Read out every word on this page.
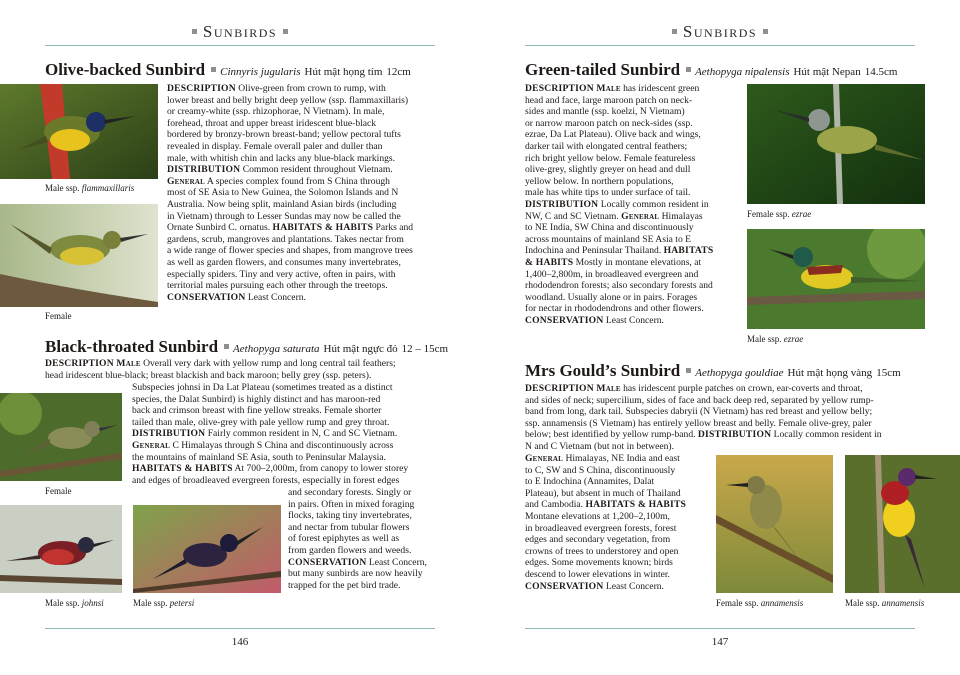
Sunbirds
Olive-backed Sunbird Cinnyris jugularis Hút mật họng tím 12cm
Male ssp. flammaxillaris
Female
DESCRIPTION Olive-green from crown to rump, with
lower breast and belly bright deep yellow (ssp. flammaxillaris)
or creamy-white (ssp. rhizophorae, N Vietnam). In male,
forehead, throat and upper breast iridescent blue-black
bordered by bronzy-brown breast-band; yellow pectoral tufts
revealed in display. Female overall paler and duller than
male, with whitish chin and lacks any blue-black markings.
DISTRIBUTION Common resident throughout Vietnam.
General A species complex found from S China through
most of SE Asia to New Guinea, the Solomon Islands and N
Australia. Now being split, mainland Asian birds (including
in Vietnam) through to Lesser Sundas may now be called the
Ornate Sunbird C. ornatus. HABITATS & HABITS Parks and
gardens, scrub, mangroves and plantations. Takes nectar from
a wide range of flower species and shapes, from mangrove trees
as well as garden flowers, and consumes many invertebrates,
especially spiders. Tiny and very active, often in pairs, with
territorial males pursuing each other through the treetops.
CONSERVATION Least Concern.
Black-throated Sunbird Aethopyga saturata Hút mật ngực đỏ 12 – 15cm
DESCRIPTION Male Overall very dark with yellow rump and long central tail feathers;
head iridescent blue-black; breast blackish and back maroon; belly grey (ssp. peters).
Female
Subspecies johnsi in Da Lat Plateau (sometimes treated as a distinct
species, the Dalat Sunbird) is highly distinct and has maroon-red
back and crimson breast with fine yellow streaks. Female shorter
tailed than male, olive-grey with pale yellow rump and grey throat.
DISTRIBUTION Fairly common resident in N, C and SC Vietnam.
General C Himalayas through S China and discontinuously across
the mountains of mainland SE Asia, south to Peninsular Malaysia.
HABITATS & HABITS At 700–2,000m, from canopy to lower storey
and edges of broadleaved evergreen forests, especially in forest edges
Male ssp. johnsi	Male ssp. petersi
and secondary forests. Singly or
in pairs. Often in mixed foraging
flocks, taking tiny invertebrates,
and nectar from tubular flowers
of forest epiphytes as well as
from garden flowers and weeds.
CONSERVATION Least Concern,
but many sunbirds are now heavily
trapped for the pet bird trade.
146
Sunbirds
Green-tailed Sunbird Aethopyga nipalensis Hút mật Nepan 14.5cm
DESCRIPTION Male has iridescent green
head and face, large maroon patch on neck-
sides and mantle (ssp. koelzi, N Vietnam)
or narrow maroon patch on neck-sides (ssp.
ezrae, Da Lat Plateau). Olive back and wings,
darker tail with elongated central feathers;
rich bright yellow below. Female featureless
olive-grey, slightly greyer on head and dull
yellow below. In northern populations,
male has white tips to under surface of tail.
DISTRIBUTION Locally common resident in
NW, C and SC Vietnam. General Himalayas
to NE India, SW China and discontinuously
across mountains of mainland SE Asia to E
Indochina and Peninsular Thailand. HABITATS
& HABITS Mostly in montane elevations, at
1,400–2,800m, in broadleaved evergreen and
rhododendron forests; also secondary forests and
woodland. Usually alone or in pairs. Forages
for nectar in rhododendrons and other flowers.
CONSERVATION Least Concern.
Female ssp. ezrae
Male ssp. ezrae
Mrs Gould’s Sunbird Aethopyga gouldiae Hút mật họng vàng 15cm
DESCRIPTION Male has iridescent purple patches on crown, ear-coverts and throat,
and sides of neck; supercilium, sides of face and back deep red, separated by yellow rump-
band from long, dark tail. Subspecies dabryii (N Vietnam) has red breast and yellow belly;
ssp. annamensis (S Vietnam) has entirely yellow breast and belly. Female olive-grey, paler
below; best identified by yellow rump-band. DISTRIBUTION Locally common resident in
N and C Vietnam (but not in between).
General Himalayas, NE India and east
to C, SW and S China, discontinuously
to E Indochina (Annamites, Dalat
Plateau), but absent in much of Thailand
and Cambodia. HABITATS & HABITS
Montane elevations at 1,200–2,100m,
in broadleaved evergreen forests, forest
edges and secondary vegetation, from
crowns of trees to understorey and open
edges. Some movements known; birds
descend to lower elevations in winter.
CONSERVATION Least Concern.
Female ssp. annamensis	Male ssp. annamensis
147
